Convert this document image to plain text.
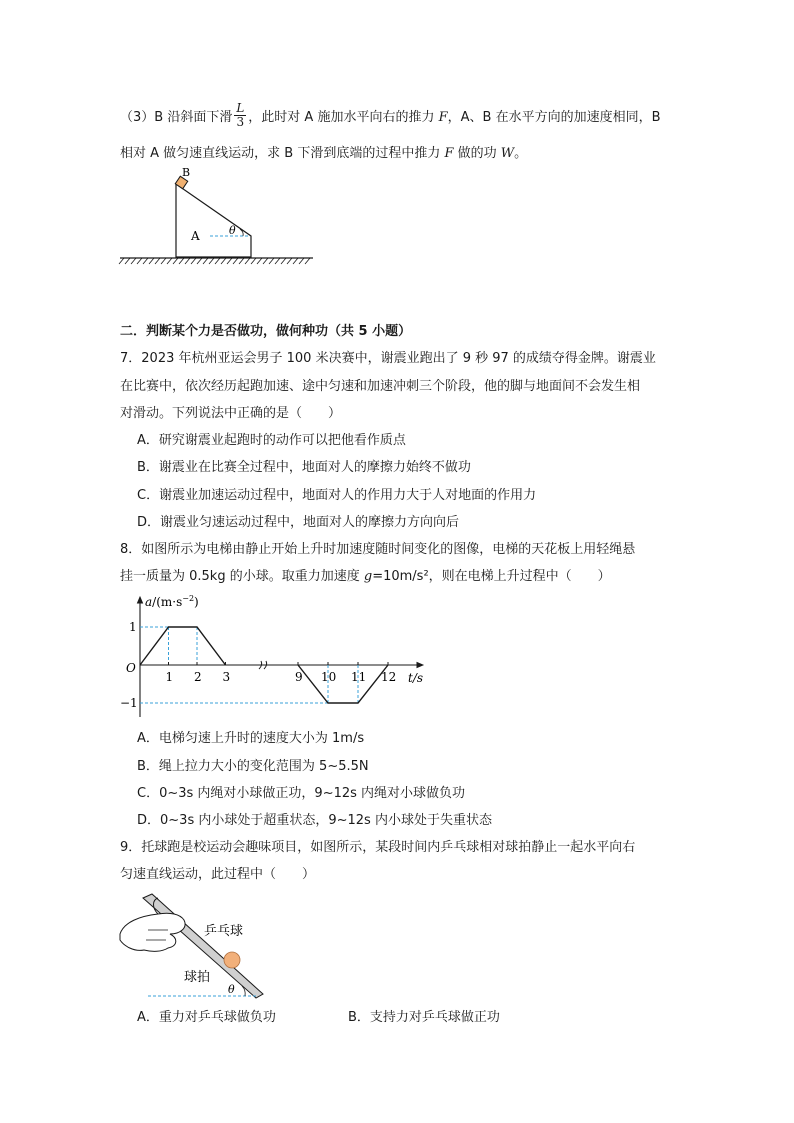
（3）B 沿斜面下滑 $\frac{L}{3}$ ，此时对 A 施加水平向右的推力 F，A、B 在水平方向的加速度相同，B
相对 A 做匀速直线运动，求 B 下滑到底端的过程中推力 F 做的功 W。
B
A	θ
二．判断某个力是否做功，做何种功（共 5 小题）
7．2023 年杭州亚运会男子 100 米决赛中，谢震业跑出了 9 秒 97 的成绩夺得金牌。谢震业
在比赛中，依次经历起跑加速、途中匀速和加速冲刺三个阶段，他的脚与地面间不会发生相
对滑动。下列说法中正确的是（　　）
A．研究谢震业起跑时的动作可以把他看作质点
B．谢震业在比赛全过程中，地面对人的摩擦力始终不做功
C．谢震业加速运动过程中，地面对人的作用力大于人对地面的作用力
D．谢震业匀速运动过程中，地面对人的摩擦力方向向后
8．如图所示为电梯由静止开始上升时加速度随时间变化的图像，电梯的天花板上用轻绳悬
挂一质量为 0.5kg 的小球。取重力加速度 g=10m/s²，则在电梯上升过程中（　　）
$a/(m\cdot s^{-2})$
t/s
O
1 2 3	9 10 11 12
1
−1
A．电梯匀速上升时的速度大小为 1m/s
B．绳上拉力大小的变化范围为 5~5.5N
C．0~3s 内绳对小球做正功，9~12s 内绳对小球做负功
D．0~3s 内小球处于超重状态，9~12s 内小球处于失重状态
9．托球跑是校运动会趣味项目，如图所示，某段时间内乒乓球相对球拍静止一起水平向右
匀速直线运动，此过程中（　　）
乒乓球
球拍
θ
A．重力对乒乓球做负功	B．支持力对乒乓球做正功
